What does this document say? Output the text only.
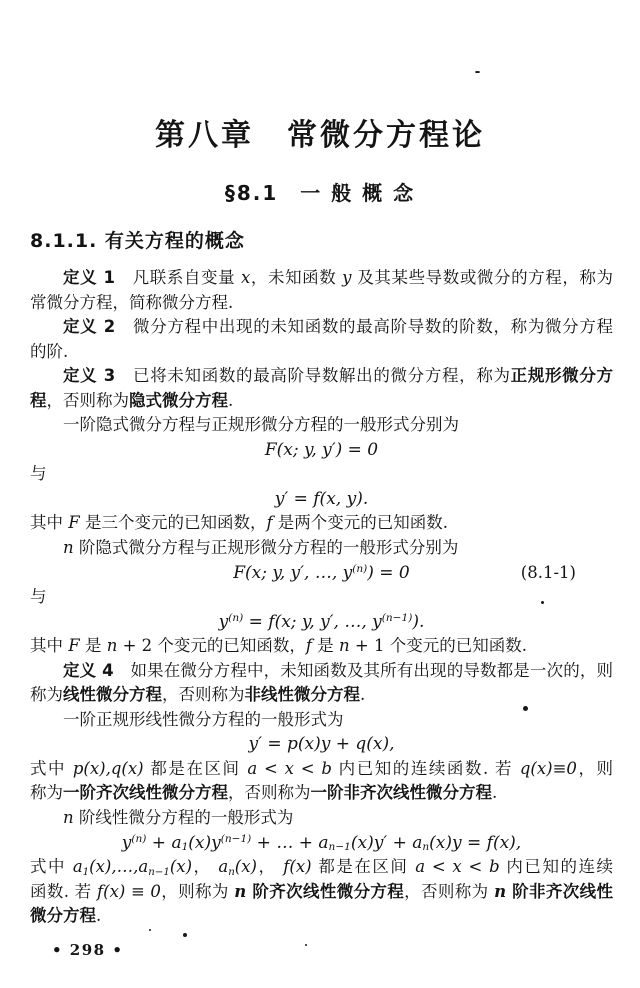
第八章　常微分方程论
§8.1　一 般 概 念
8.1.1. 有关方程的概念
定义 1　凡联系自变量 x，未知函数 y 及其某些导数或微分的方程，称为
常微分方程，简称微分方程.
定义 2　微分方程中出现的未知函数的最高阶导数的阶数，称为微分方程
的阶.
定义 3　已将未知函数的最高阶导数解出的微分方程，称为正规形微分方
程，否则称为隐式微分方程.
一阶隐式微分方程与正规形微分方程的一般形式分别为
F(x; y, y′) = 0
与
y′ = f(x, y).
其中 F 是三个变元的已知函数，f 是两个变元的已知函数.
n 阶隐式微分方程与正规形微分方程的一般形式分别为
F(x; y, y′, …, $y^{(n)}) = 0$	(8.1-1)
与
$y^{(n)} = f(x$; y, y′, …, $y^{(n-1)}$).
其中 F 是 n + 2 个变元的已知函数，f 是 n + 1 个变元的已知函数.
定义 4　如果在微分方程中，未知函数及其所有出现的导数都是一次的，则
称为线性微分方程，否则称为非线性微分方程.
一阶正规形线性微分方程的一般形式为
y′ = p(x)y + q(x),
式中 p(x),q(x) 都是在区间 a < x < b 内已知的连续函数. 若 q(x)≡0，则
称为一阶齐次线性微分方程，否则称为一阶非齐次线性微分方程.
n 阶线性微分方程的一般形式为
$y^{(n)} + a1(x)y^{(n-1)}$ + … + an−1(x)y′ + an(x)y = f(x),
式中 a1(x),…,an−1(x)， an(x)， f(x) 都是在区间 a < x < b 内已知的连续
函数. 若 f(x) ≡ 0，则称为 n 阶齐次线性微分方程，否则称为 n 阶非齐次线性
微分方程.
• 298 •
